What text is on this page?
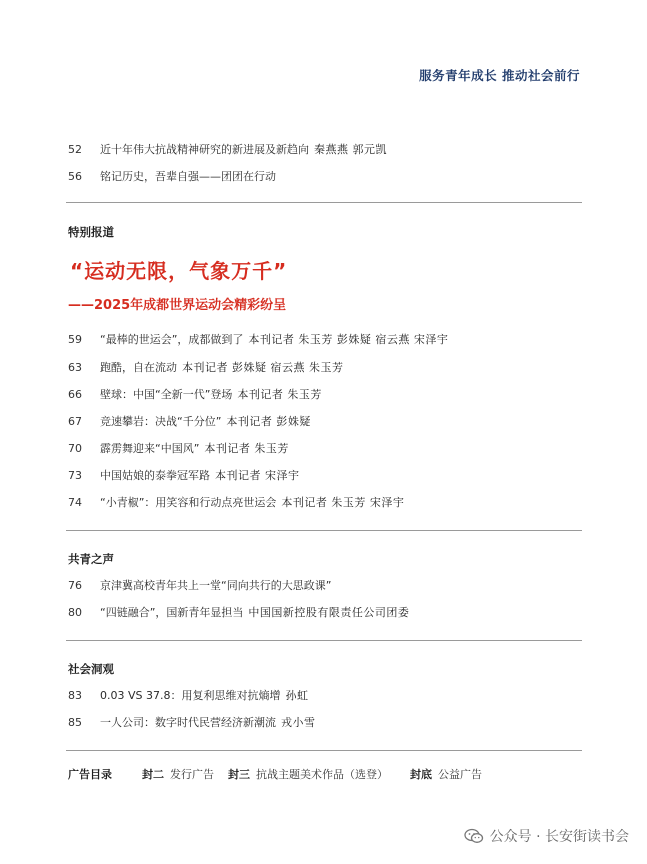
服务青年成长 推动社会前行
52 近十年伟大抗战精神研究的新进展及新趋向 秦燕燕 郭元凯
56 铭记历史，吾辈自强——团团在行动
特别报道
“运动无限，气象万千”
——2025年成都世界运动会精彩纷呈
59 “最棒的世运会”，成都做到了 本刊记者 朱玉芳 彭姝疑 宿云燕 宋泽宇
63 跑酷，自在流动 本刊记者 彭姝疑 宿云燕 朱玉芳
66 壁球：中国“全新一代”登场 本刊记者 朱玉芳
67 竞速攀岩：决战“千分位” 本刊记者 彭姝疑
70 霹雳舞迎来“中国风” 本刊记者 朱玉芳
73 中国姑娘的泰拳冠军路 本刊记者 宋泽宇
74 “小青椒”：用笑容和行动点亮世运会 本刊记者 朱玉芳 宋泽宇
共青之声
76 京津冀高校青年共上一堂“同向共行的大思政课”
80 “四链融合”，国新青年显担当 中国国新控股有限责任公司团委
社会洞观
83 0.03 VS 37.8：用复利思维对抗熵增 孙虹
85 一人公司：数字时代民营经济新潮流 戎小雪
广告目录	封二 发行广告 封三 抗战主题美术作品（选登） 封底 公益广告
公众号 · 长安街读书会
